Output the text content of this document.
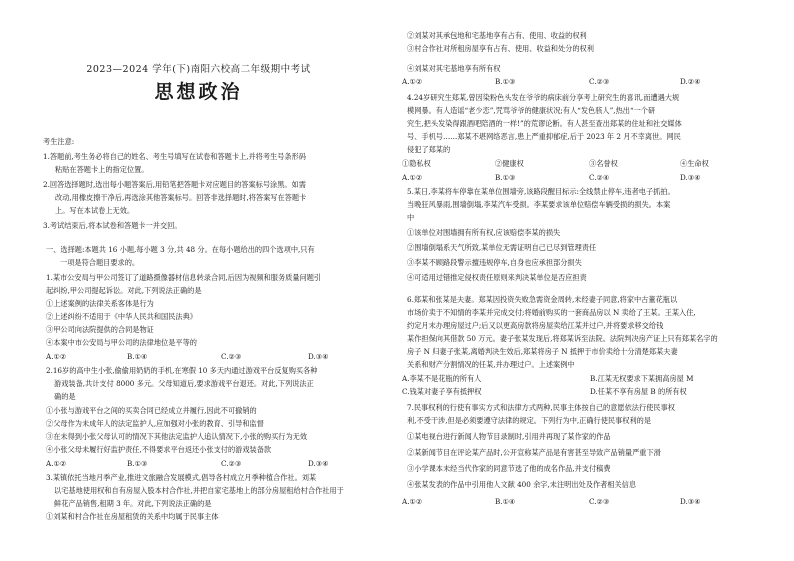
2023—2024 学年(下)南阳六校高二年级期中考试
思想政治
考生注意:
1.答题前,考生务必将自己的姓名、考生号填写在试卷和答题卡上,并将考生号条形码
粘贴在答题卡上的指定位置。
2.回答选择题时,选出每小题答案后,用铅笔把答题卡对应题目的答案标号涂黑。如需
改动,用橡皮擦干净后,再选涂其他答案标号。回答非选择题时,将答案写在答题卡
上。写在本试卷上无效。
3.考试结束后,将本试卷和答题卡一并交回。
一、选择题:本题共 16 小题,每小题 3 分,共 48 分。在每小题给出的四个选项中,只有
一项是符合题目要求的。
1.某市公安局与甲公司签订了道路摄像器材信息转录合同,后因为视频和服务质量问题引
起纠纷,甲公司提起诉讼。对此,下列说法正确的是
①上述案例的法律关系客体是行为
②上述纠纷不适用于《中华人民共和国民法典》
③甲公司向法院提供的合同是物证
④本案中市公安局与甲公司的法律地位是平等的
A.①②	B.①④	C.②③	D.③④
2.16岁的高中生小张,偷偷用奶奶的手机,在寒假 10 多天内通过游戏平台反复购买各种
游戏装备,共计支付 8000 多元。父母知道后,要求游戏平台退还。对此,下列说法正
确的是
①小张与游戏平台之间的买卖合同已经成立并履行,因此不可撤销的
②父母作为未成年人的法定监护人,应加强对小张的教育、引导和监督
③在未得到小张父母认可的情况下其他法定监护人追认情况下,小张的购买行为无效
④小张父母未履行好监护责任,不得要求平台返还小张支付的游戏装备款
A.①②	B.①③	C.②③	D.③④
3.某镇依托当地月季产业,推进文旅融合发展模式,倡导各村成立月季种植合作社。刘某
以宅基地使用权和自有房屋入股本村合作社,并把自家宅基地上的部分房屋租给村合作社用于
鲜花产品销售,租期 3 年。对此,下列说法正确的是
①刘某和村合作社在房屋租赁的关系中均属于民事主体
②刘某对其承包地和宅基地享有占有、使用、收益的权利
③村合作社对所租房屋享有占有、使用、收益和处分的权利
④刘某对其宅基地享有所有权
A.①②	B.①③	C.②③	D.②④
4.24岁研究生郑某,曾因染粉色头发在爷爷的病床前分享考上研究生的喜讯,而遭遇大规
模网暴。有人造谣“老少恋”,咒骂爷爷的健康状况;有人“发色骇人”,热出“一个研
究生,把头发染得跟酒吧陪酒的一样!”的荒谬论断。有人甚至查出郑某的住址和社交媒体
号、手机号……郑某不堪网络恶言,患上严重抑郁症,后于 2023 年 2 月不幸离世。网民
侵犯了郑某的
①隐私权	②健康权	③名誉权	④生命权
A.①②	B.①③	C.②④	D.③④
5.某日,李某将车停靠在某单位围墙旁,该路段醒目标示:全线禁止停车,违者电子抓拍。
当晚狂风暴雨,围墙倒塌,李某汽车受损。李某要求该单位赔偿车辆受损的损失。本案
中
①该单位对围墙拥有所有权,应该赔偿李某的损失
②围墙倒塌系天气所致,某单位无需证明自己已尽到管理责任
③李某不顾路段警示擅违规停车,自身也应承担部分损失
④可适用过错推定侵权责任原则来判决某单位是否应担责
6.郑某和张某是夫妻。郑某因投资失败急需资金周转,未经妻子同意,将家中古董花瓶以
市场价卖于不知情的李某并完成交付;将婚前购买的一套商品房以 N 卖给了王某。王某入住,
约定月末办理房屋过户;后又以更高房款将房屋卖给江某并过户,并将要求移交给钱
某作担保向其借款 50 万元。妻子张某发现后,将郑某诉至法院。法院判决房产证上只有郑某名字的
房子 N 归妻子张某,离婚判决生效后,郑某将房子 N 抵押于市价卖给十分清楚郑某夫妻
关系和财产分割情况的任某,并办理过户。上述案例中
A.李某不是花瓶的所有人	B.江某无权要求下某拥高房屋 M
C.钱某对妻子享有抵押权	D.任某不享有房屋 B 的所有权
7.民事权利的行使有事实方式和法律方式两种,民事主体按自己的意愿依法行使民事权
利,不受干涉,但是必须要遵守法律的规定。下列行为中,正确行使民事权利的是
①某电视台进行新闻人物节目录制时,引用并再现了某作家的作品
②某新闻节目在评论某产品时,公开宣称某产品是有害甚至导致产品销量严重下滑
③小学课本未经当代作家的同意节选了他的成名作品,并支付稿费
④张某发表的作品中引用他人文献 400 余字,未注明出处及作者相关信息
A.①②	B.①④	C.②③	D.③④
